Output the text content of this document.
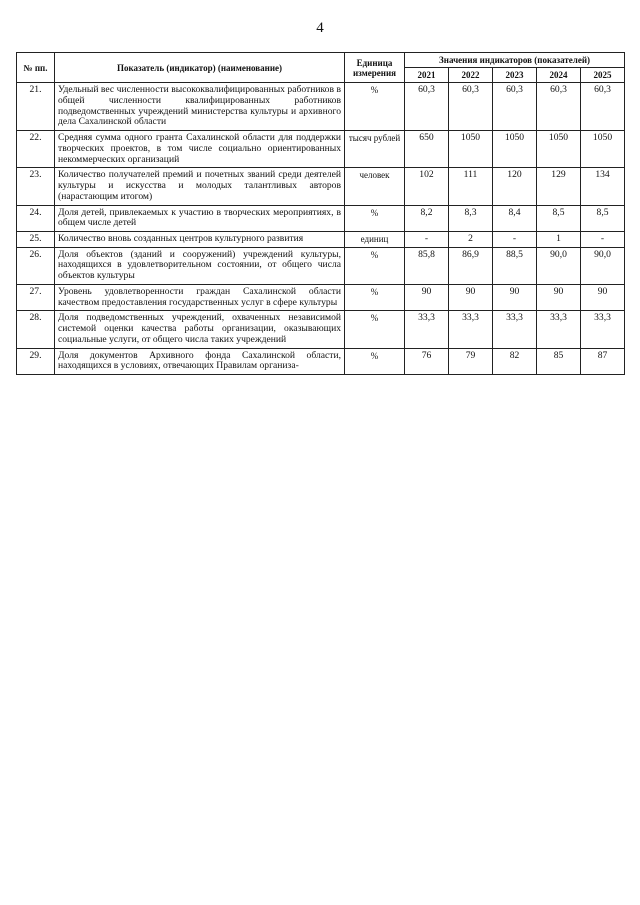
4
№ пп.	Показатель (индикатор) (наименование)	Единица измерения	Значения индикаторов (показателей)				
			2021	2022	2023	2024	2025
21.	Удельный вес численности высококвалифицированных работников в общей численности квалифицированных работников подведомственных учреждений министерства культуры и архивного дела Сахалинской области	%	60,3	60,3	60,3	60,3	60,3
22.	Средняя сумма одного гранта Сахалинской области для поддержки творческих проектов, в том числе социально ориентированных некоммерческих организаций	тысяч рублей	650	1050	1050	1050	1050
23.	Количество получателей премий и почетных званий среди деятелей культуры и искусства и молодых талантливых авторов (нарастающим итогом)	человек	102	111	120	129	134
24.	Доля детей, привлекаемых к участию в творческих мероприятиях, в общем числе детей	%	8,2	8,3	8,4	8,5	8,5
25.	Количество вновь созданных центров культурного развития	единиц	-	2	-	1	-
26.	Доля объектов (зданий и сооружений) учреждений культуры, находящихся в удовлетворительном состоянии, от общего числа объектов культуры	%	85,8	86,9	88,5	90,0	90,0
27.	Уровень удовлетворенности граждан Сахалинской области качеством предоставления государственных услуг в сфере культуры	%	90	90	90	90	90
28.	Доля подведомственных учреждений, охваченных независимой системой оценки качества работы организации, оказывающих социальные услуги, от общего числа таких учреждений	%	33,3	33,3	33,3	33,3	33,3
29.	Доля документов Архивного фонда Сахалинской области, находящихся в условиях, отвечающих Правилам организа-	%	76	79	82	85	87
